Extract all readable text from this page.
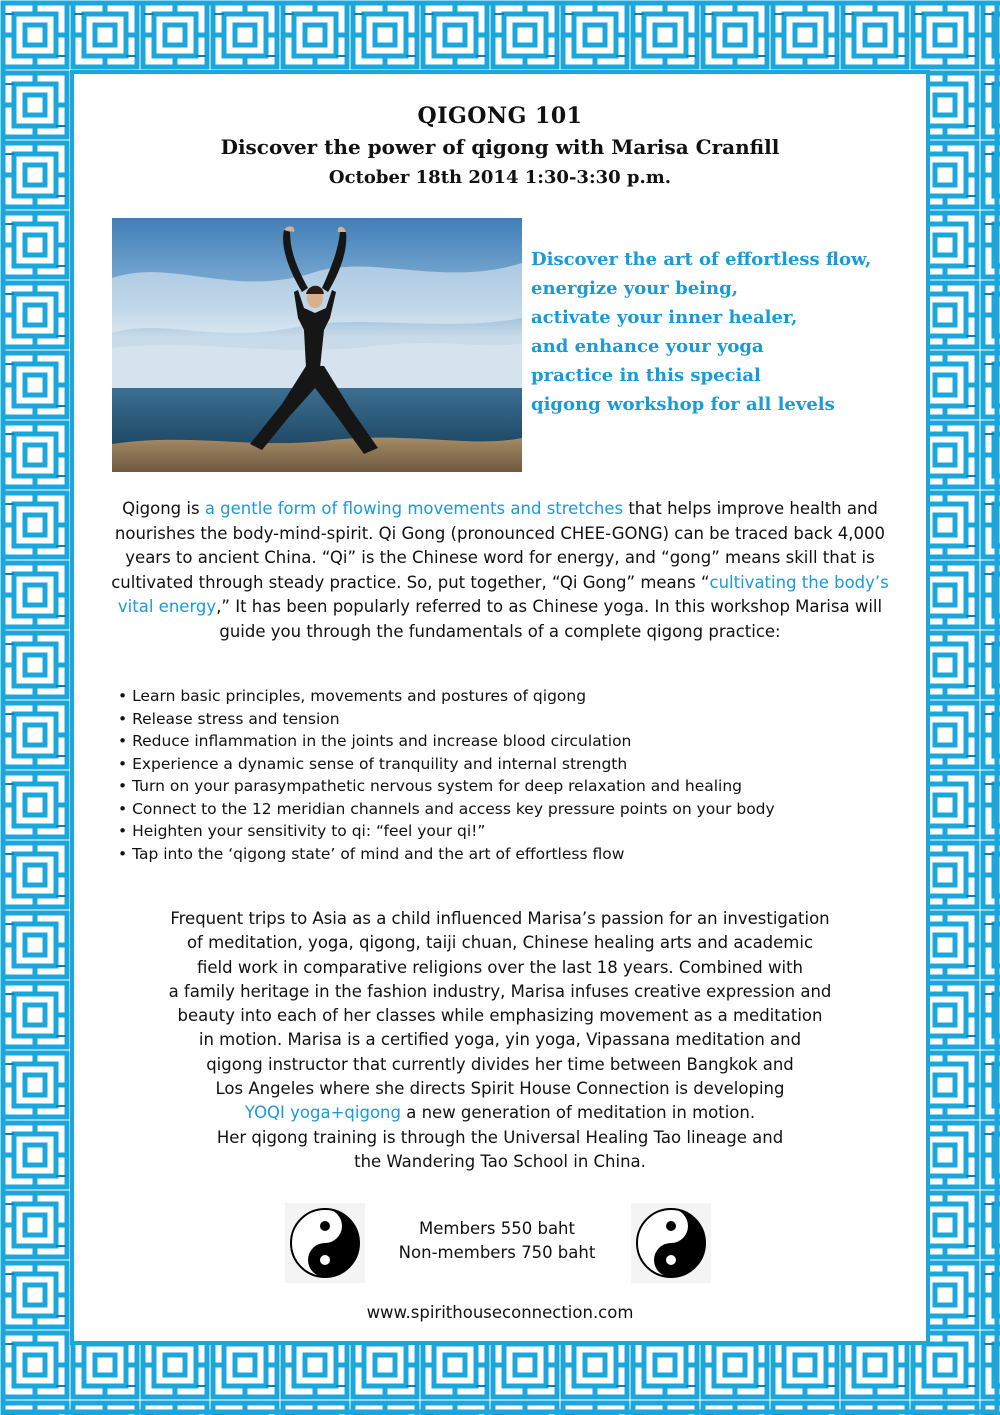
QIGONG 101
Discover the power of qigong with Marisa Cranfill
October 18th 2014 1:30-3:30 p.m.
Discover the art of effortless flow,
energize your being,
activate your inner healer,
and enhance your yoga
practice in this special
qigong workshop for all levels
Qigong is a gentle form of flowing movements and stretches that helps improve health and nourishes the body-mind-spirit. Qi Gong (pronounced CHEE-GONG) can be traced back 4,000 years to ancient China. “Qi” is the Chinese word for energy, and “gong” means skill that is cultivated through steady practice. So, put together, “Qi Gong” means “cultivating the body’s vital energy,” It has been popularly referred to as Chinese yoga. In this workshop Marisa will guide you through the fundamentals of a complete qigong practice:
• Learn basic principles, movements and postures of qigong
• Release stress and tension
• Reduce inflammation in the joints and increase blood circulation
• Experience a dynamic sense of tranquility and internal strength
• Turn on your parasympathetic nervous system for deep relaxation and healing
• Connect to the 12 meridian channels and access key pressure points on your body
• Heighten your sensitivity to qi: “feel your qi!”
• Tap into the ‘qigong state’ of mind and the art of effortless flow
Frequent trips to Asia as a child influenced Marisa’s passion for an investigation
of meditation, yoga, qigong, taiji chuan, Chinese healing arts and academic
field work in comparative religions over the last 18 years. Combined with
a family heritage in the fashion industry, Marisa infuses creative expression and
beauty into each of her classes while emphasizing movement as a meditation
in motion. Marisa is a certified yoga, yin yoga, Vipassana meditation and
qigong instructor that currently divides her time between Bangkok and
Los Angeles where she directs Spirit House Connection is developing
YOQI yoga+qigong a new generation of meditation in motion.
Her qigong training is through the Universal Healing Tao lineage and
the Wandering Tao School in China.
Members 550 baht
Non-members 750 baht
www.spirithouseconnection.com
